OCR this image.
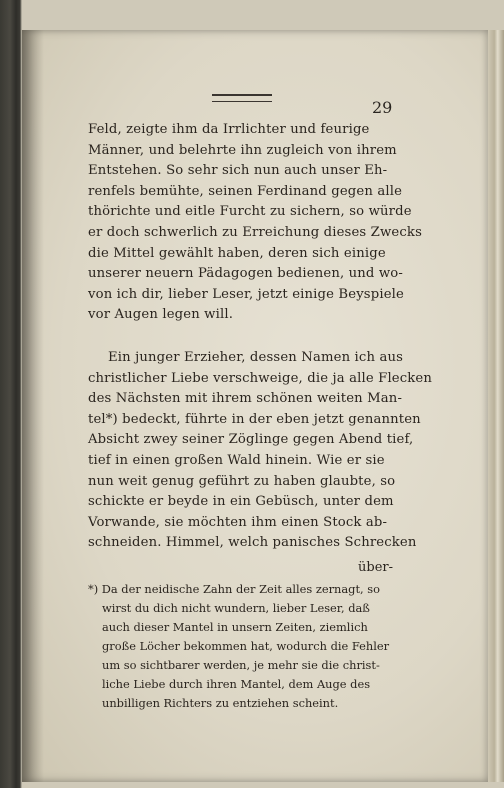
29
Feld, zeigte ihm da Irrlichter und feurige
Männer, und belehrte ihn zugleich von ihrem
Entstehen. So sehr sich nun auch unser Eh-
renfels bemühte, seinen Ferdinand gegen alle
thörichte und eitle Furcht zu sichern, so würde
er doch schwerlich zu Erreichung dieses Zwecks
die Mittel gewählt haben, deren sich einige
unserer neuern Pädagogen bedienen, und wo-
von ich dir, lieber Leser, jetzt einige Beyspiele
vor Augen legen will.
Ein junger Erzieher, dessen Namen ich aus
christlicher Liebe verschweige, die ja alle Flecken
des Nächsten mit ihrem schönen weiten Man-
tel*) bedeckt, führte in der eben jetzt genannten
Absicht zwey seiner Zöglinge gegen Abend tief,
tief in einen großen Wald hinein. Wie er sie
nun weit genug geführt zu haben glaubte, so
schickte er beyde in ein Gebüsch, unter dem
Vorwande, sie möchten ihm einen Stock ab-
schneiden. Himmel, welch panisches Schrecken
über-
*) Da der neidische Zahn der Zeit alles zernagt, so
wirst du dich nicht wundern, lieber Leser, daß
auch dieser Mantel in unsern Zeiten, ziemlich
große Löcher bekommen hat, wodurch die Fehler
um so sichtbarer werden, je mehr sie die christ-
liche Liebe durch ihren Mantel, dem Auge des
unbilligen Richters zu entziehen scheint.
